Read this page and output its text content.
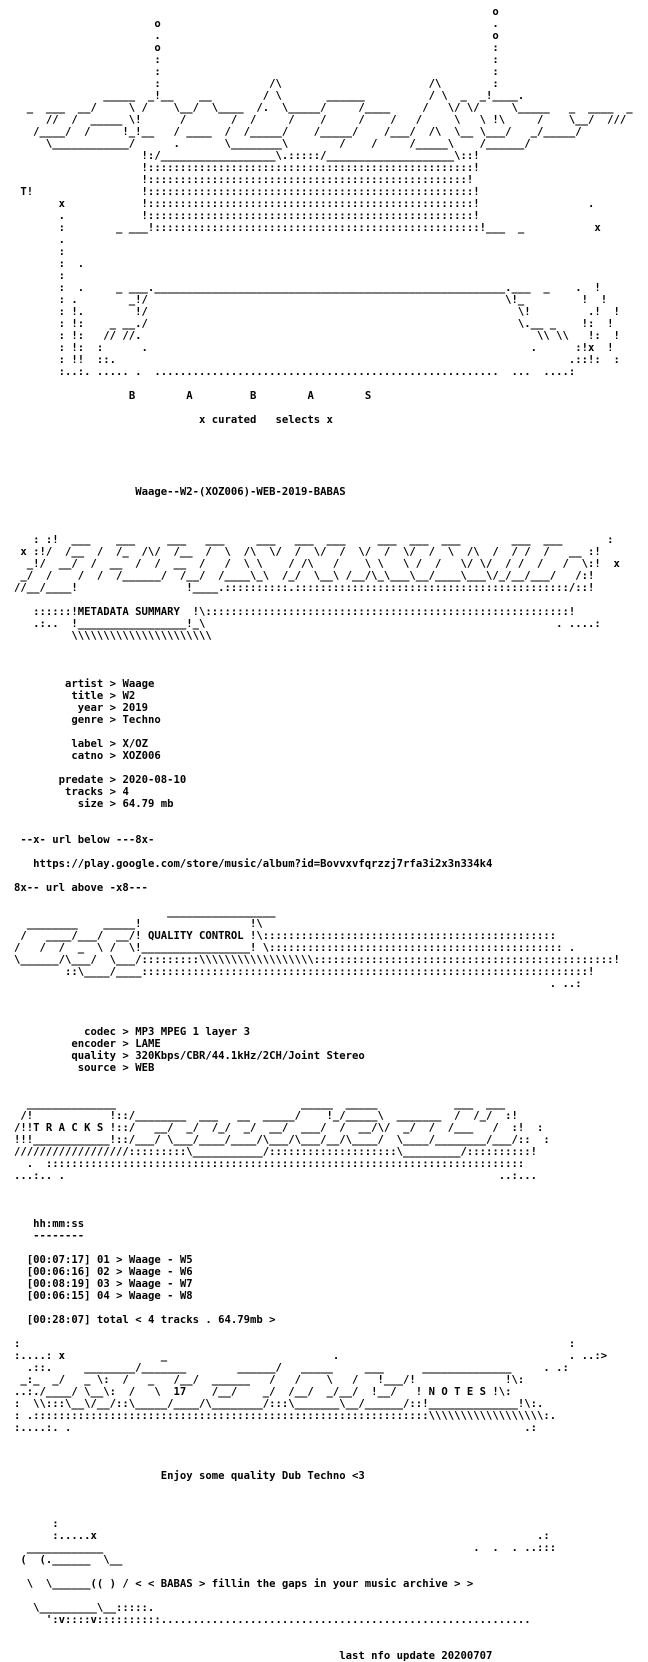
o
o                                                    .
.                                                    o
o                                                    :
:                                                    :
:                                                    :
:                 /\                       /\        :
_____  _!__    __        / \       ______          / \  _  _!____.
_  ___  __/     \ /    \__/  \____  /.  \_____/     /____     /   \/ \/     \_____   _  ____  _
//  /  _____ \!      /       /  /     /    /     /    /   /     \   \ !\     /    \__/  ///
/____/  /     !_!__   / ____  /  /_____/    /_____/    /___/  /\  \__ \___/   _/_____/
\____________/      .       \________\        /    /     /_____\    /______/
!:/__________________\.:::::/____________________\::!
!:::::::::::::::::::::::::::::::::::::::::::::::::::!
!::::::::::::::::::::::::::::::::::::::::::::::::::!
T!                 !:::::::::::::::::::::::::::::::::::::::::::::::::::!
x            !:::::::::::::::::::::::::::::::::::::::::::::::::::!                 .
.            !:::::::::::::::::::::::::::::::::::::::::::::::::::!
:        _ ___!:::::::::::::::::::::::::::::::::::::::::::::::::::!___  _           x
.
:
:  .
:
:  .     _ ___._______________________________________________________.___  _    .  !
: .        _!/                                                        \!_         !  !
: !.        !/                                                          \!         .!  !
: !:    _ __./                                                          \.__ _    !:  !
: !:   // //.                                                              \\ \\   !:  !
: !:  :      .                                                            .      :!x  !
: !!  ::.                                                                       .::!:  :
:..:. ..... .  ......................................................  ...  ....:

B	A	B	A	S

x curated   selects x

Waage--W2-(XOZ006)-WEB-2019-BABAS

: :!  ___    ___     ___   ___     ___   ___  ___     ___  ___  ___        ___  ___       :
x :!/  /__  /  /_  /\/  /__  /  \  /\  \/  /  \/  /  \/  /  \/  /  \  /\  /  / /  /   __ :!
_!/  __/  /  __  /  /  __  /   /  \ \    / /\   /    \ \   \ /  /   \/ \/  / /  /   /  \:!  x
_/  /    /  /  /______/  /__/  /____\_\  /_/  \__\ /__/\_\___\__/____\___\/_/__/___/   /:!
//__/____!                 !____.::::::::::.:::::::::::::::::::::::::::::::::::::::::::/::!

::::::!METADATA SUMMARY  !\:::::::::::::::::::::::::::::::::::::::::::::::::::::::::!
.:..  !_________________!_\                                                       . ....:
\\\\\\\\\\\\\\\\\\\\\\

artist > Waage
title > W2
year > 2019
genre > Techno

label > X/OZ
catno > XOZ006

predate > 2020-08-10
tracks > 4
size > 64.79 mb

--x- url below ---8x-

https://play.google.com/store/music/album?id=Bovvxvfqrzzj7rfa3i2x3n334k4

8x-- url above -x8---

_________________
________    _____!                 !\
/   ____/___/  __/! QUALITY CONTROL !\::::::::::::::::::::::::::::::::::::::::::::::
/   /  /  _  \ /  \!_________________! \:::::::::::::::::::::::::::::::::::::::::::::: .
\______/\___/  \___/:::::::::\\\\\\\\\\\\\\\\\\:::::::::::::::::::::::::::::::::::::::::::::::!
::\____/____::::::::::::::::::::::::::::::::::::::::::::::::::::::::::::::::::::::!
. ..:

codec > MP3 MPEG 1 layer 3
encoder > LAME
quality > 320Kbps/CBR/44.1kHz/2CH/Joint Stereo
source > WEB

______________                             _____  _____            ___  ___
/!            !::/________  ___   __  _____/    !_/_____\  _______  /  /_/  :!
/!!T R A C K S !::/   __/  _/  /_/  _/  __/  ___/  /  __/\/  _/  /  /___   /  :!  :
!!!____________!::/___/ \___/____/____/\___/\___/__/\____/  \____/________/___/::  :
//////////////////:::::::::\___________/::::::::::::::::::::\_________/::::::::::!
.  :::::::::::::::::::::::::::::::::::::::::::::::::::::::::::::::::::::::::::
...:.. .                                                                    ..:...

hh:mm:ss
--------

[00:07:17] 01 > Waage - W5
[00:06:16] 02 > Waage - W6
[00:08:19] 03 > Waage - W7
[00:06:15] 04 > Waage - W8

[00:28:07] total < 4 tracks . 64.79mb >

:                                                                                      :
:....: x               _                          .                                    . ..:>
.::.     ________/_______        ______/   _____     ___      ______________     . .:
_:_  _/   _ \:  /   _   /__/  ______   /   /    \   /   !___/!              !\:
..:./____/ \__\:  /   \  17    /__/    _/  /__/  _/__/  !__/   ! N O T E S !\:
:  \\:::\__\/__/::\_____/____/\________/:::\_______\__/______/::!______________!\:.
: .::::::::::::::::::::::::::::::::::::::::::::::::::::::::::::::\\\\\\\\\\\\\\\\\\:.
:....:. .                                                                       .:

Enjoy some quality Dub Techno <3

:
:.....x                                                                     .:
____________                                                          .  .  . ..:::
(  (.______  \__

\  \______(( ) / < < BABAS > fillin the gaps in your music archive > >

\_________\__:::::.
':v::::v::::::::::..........................................................

last nfo update 20200707
